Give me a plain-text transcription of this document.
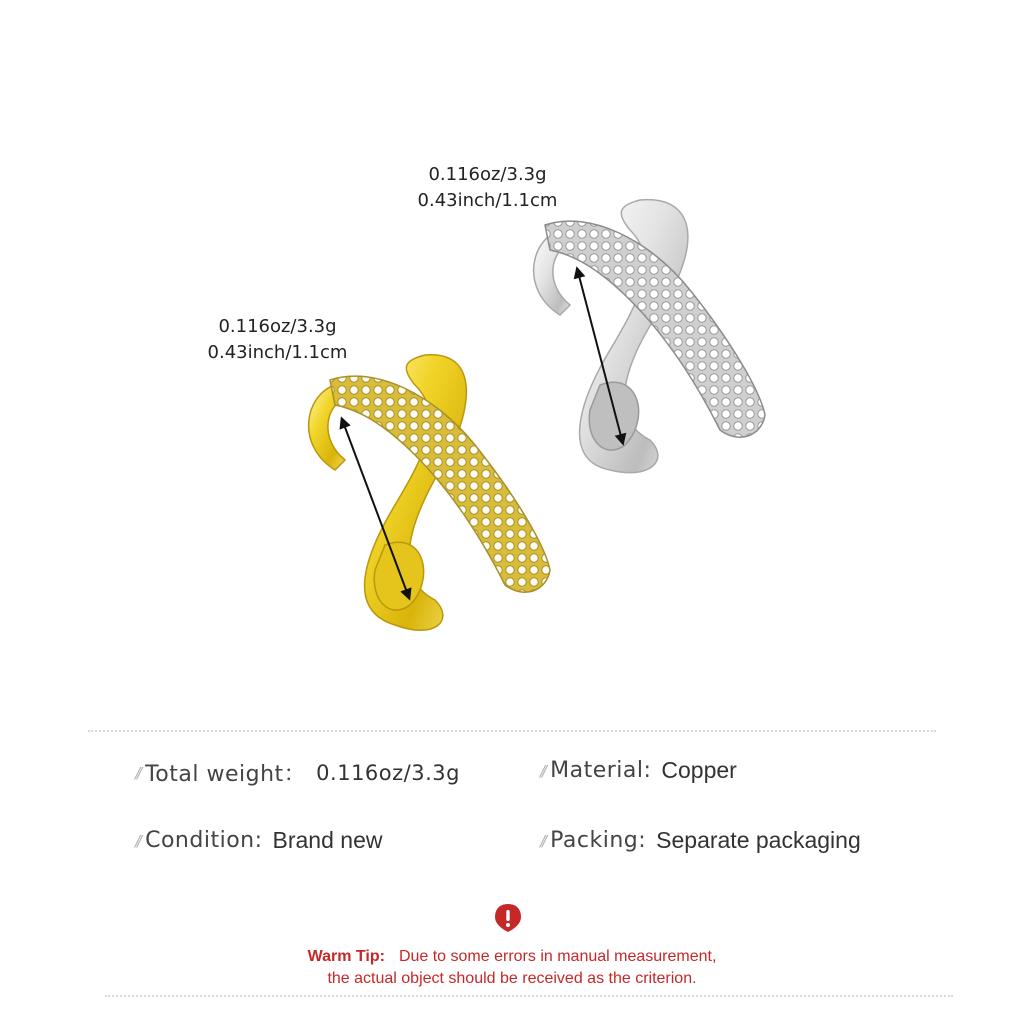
0.116oz/3.3g
0.43inch/1.1cm
0.116oz/3.3g
0.43inch/1.1cm
// Total weight： 0.116oz/3.3g	// Material: Copper
// Condition: Brand new	// Packing: Separate packaging
Warm Tip: Due to some errors in manual measurement,
the actual object should be received as the criterion.
